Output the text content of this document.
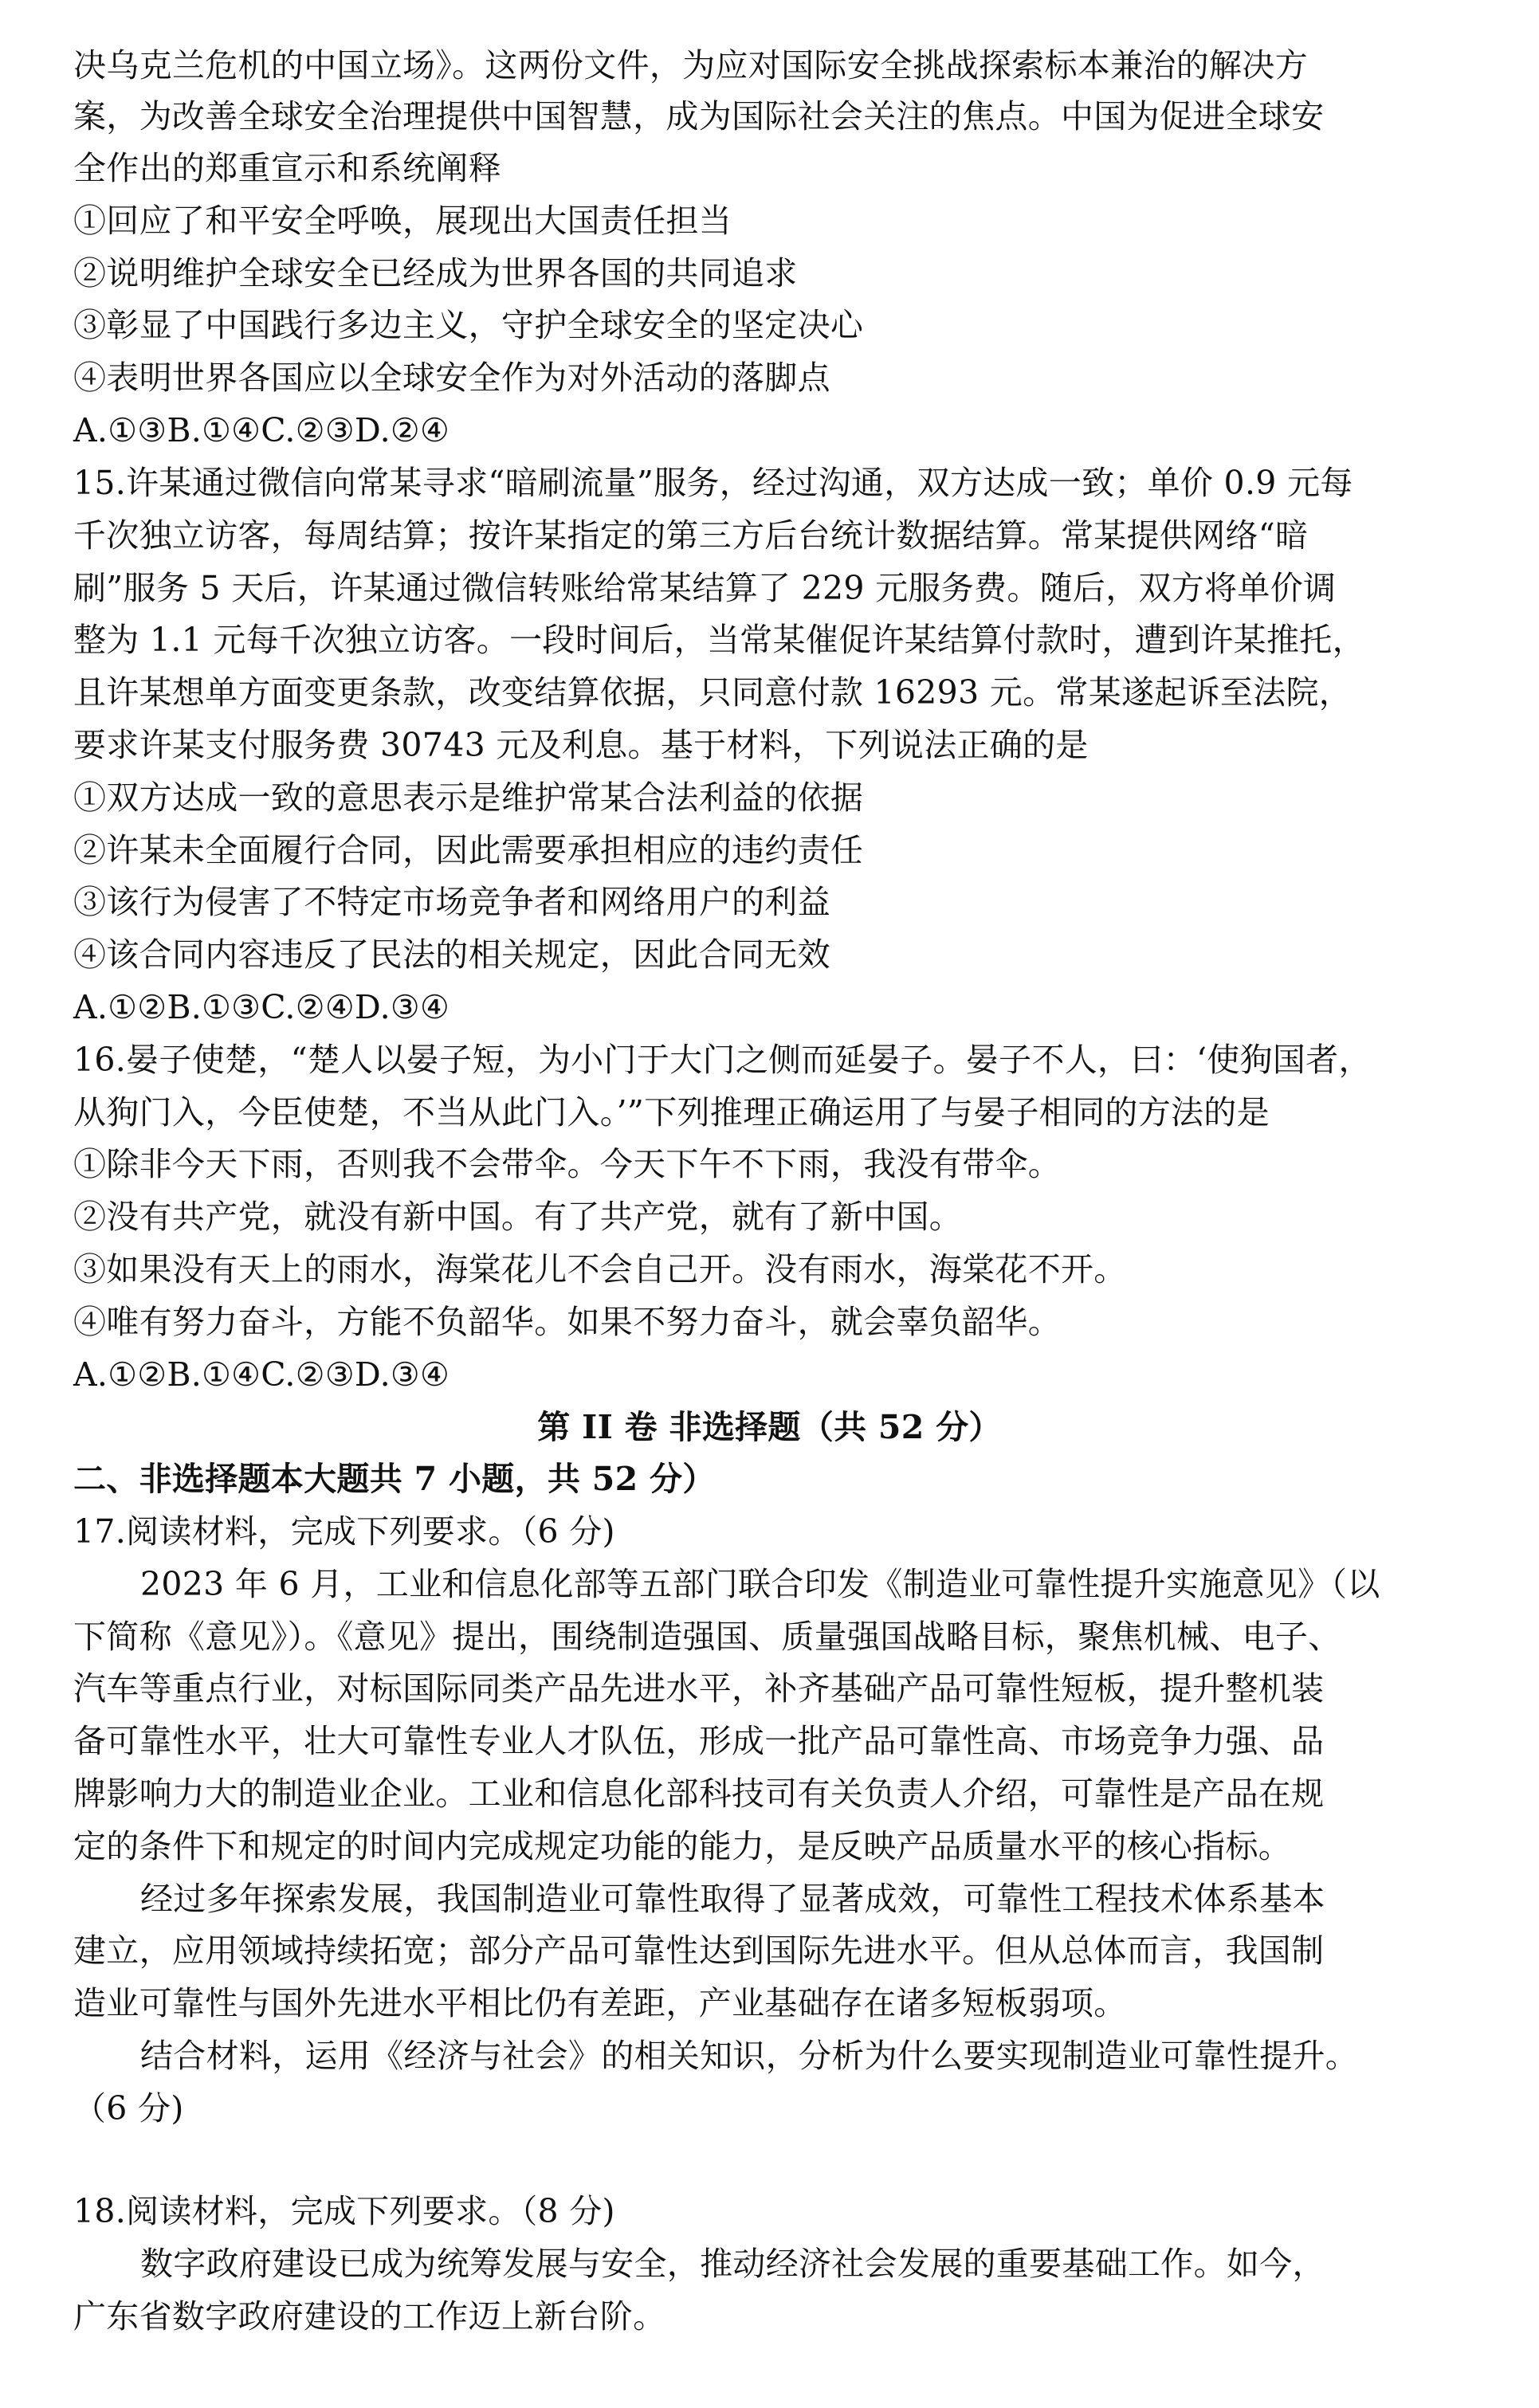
决乌克兰危机的中国立场》。这两份文件，为应对国际安全挑战探索标本兼治的解决方
案，为改善全球安全治理提供中国智慧，成为国际社会关注的焦点。中国为促进全球安
全作出的郑重宣示和系统阐释
①回应了和平安全呼唤，展现出大国责任担当
②说明维护全球安全已经成为世界各国的共同追求
③彰显了中国践行多边主义，守护全球安全的坚定决心
④表明世界各国应以全球安全作为对外活动的落脚点
A.①③B.①④C.②③D.②④
15.许某通过微信向常某寻求“暗刷流量”服务，经过沟通，双方达成一致；单价 0.9 元每
千次独立访客，每周结算；按许某指定的第三方后台统计数据结算。常某提供网络“暗
刷”服务 5 天后，许某通过微信转账给常某结算了 229 元服务费。随后，双方将单价调
整为 1.1 元每千次独立访客。一段时间后，当常某催促许某结算付款时，遭到许某推托，
且许某想单方面变更条款，改变结算依据，只同意付款 16293 元。常某遂起诉至法院，
要求许某支付服务费 30743 元及利息。基于材料，下列说法正确的是
①双方达成一致的意思表示是维护常某合法利益的依据
②许某未全面履行合同，因此需要承担相应的违约责任
③该行为侵害了不特定市场竞争者和网络用户的利益
④该合同内容违反了民法的相关规定，因此合同无效
A.①②B.①③C.②④D.③④
16.晏子使楚，“楚人以晏子短，为小门于大门之侧而延晏子。晏子不人，曰：‘使狗国者，
从狗门入，今臣使楚，不当从此门入。’”下列推理正确运用了与晏子相同的方法的是
①除非今天下雨，否则我不会带伞。今天下午不下雨，我没有带伞。
②没有共产党，就没有新中国。有了共产党，就有了新中国。
③如果没有天上的雨水，海棠花儿不会自己开。没有雨水，海棠花不开。
④唯有努力奋斗，方能不负韶华。如果不努力奋斗，就会辜负韶华。
A.①②B.①④C.②③D.③④
第 II 卷 非选择题（共 52 分）
二、非选择题本大题共 7 小题，共 52 分）
17.阅读材料，完成下列要求。（6 分)
2023 年 6 月，工业和信息化部等五部门联合印发《制造业可靠性提升实施意见》（以
下简称《意见》）。《意见》提出，围绕制造强国、质量强国战略目标，聚焦机械、电子、
汽车等重点行业，对标国际同类产品先进水平，补齐基础产品可靠性短板，提升整机装
备可靠性水平，壮大可靠性专业人才队伍，形成一批产品可靠性高、市场竞争力强、品
牌影响力大的制造业企业。工业和信息化部科技司有关负责人介绍，可靠性是产品在规
定的条件下和规定的时间内完成规定功能的能力，是反映产品质量水平的核心指标。
经过多年探索发展，我国制造业可靠性取得了显著成效，可靠性工程技术体系基本
建立，应用领域持续拓宽；部分产品可靠性达到国际先进水平。但从总体而言，我国制
造业可靠性与国外先进水平相比仍有差距，产业基础存在诸多短板弱项。
结合材料，运用《经济与社会》的相关知识，分析为什么要实现制造业可靠性提升。
（6 分)
18.阅读材料，完成下列要求。（8 分)
数字政府建设已成为统筹发展与安全，推动经济社会发展的重要基础工作。如今，
广东省数字政府建设的工作迈上新台阶。
